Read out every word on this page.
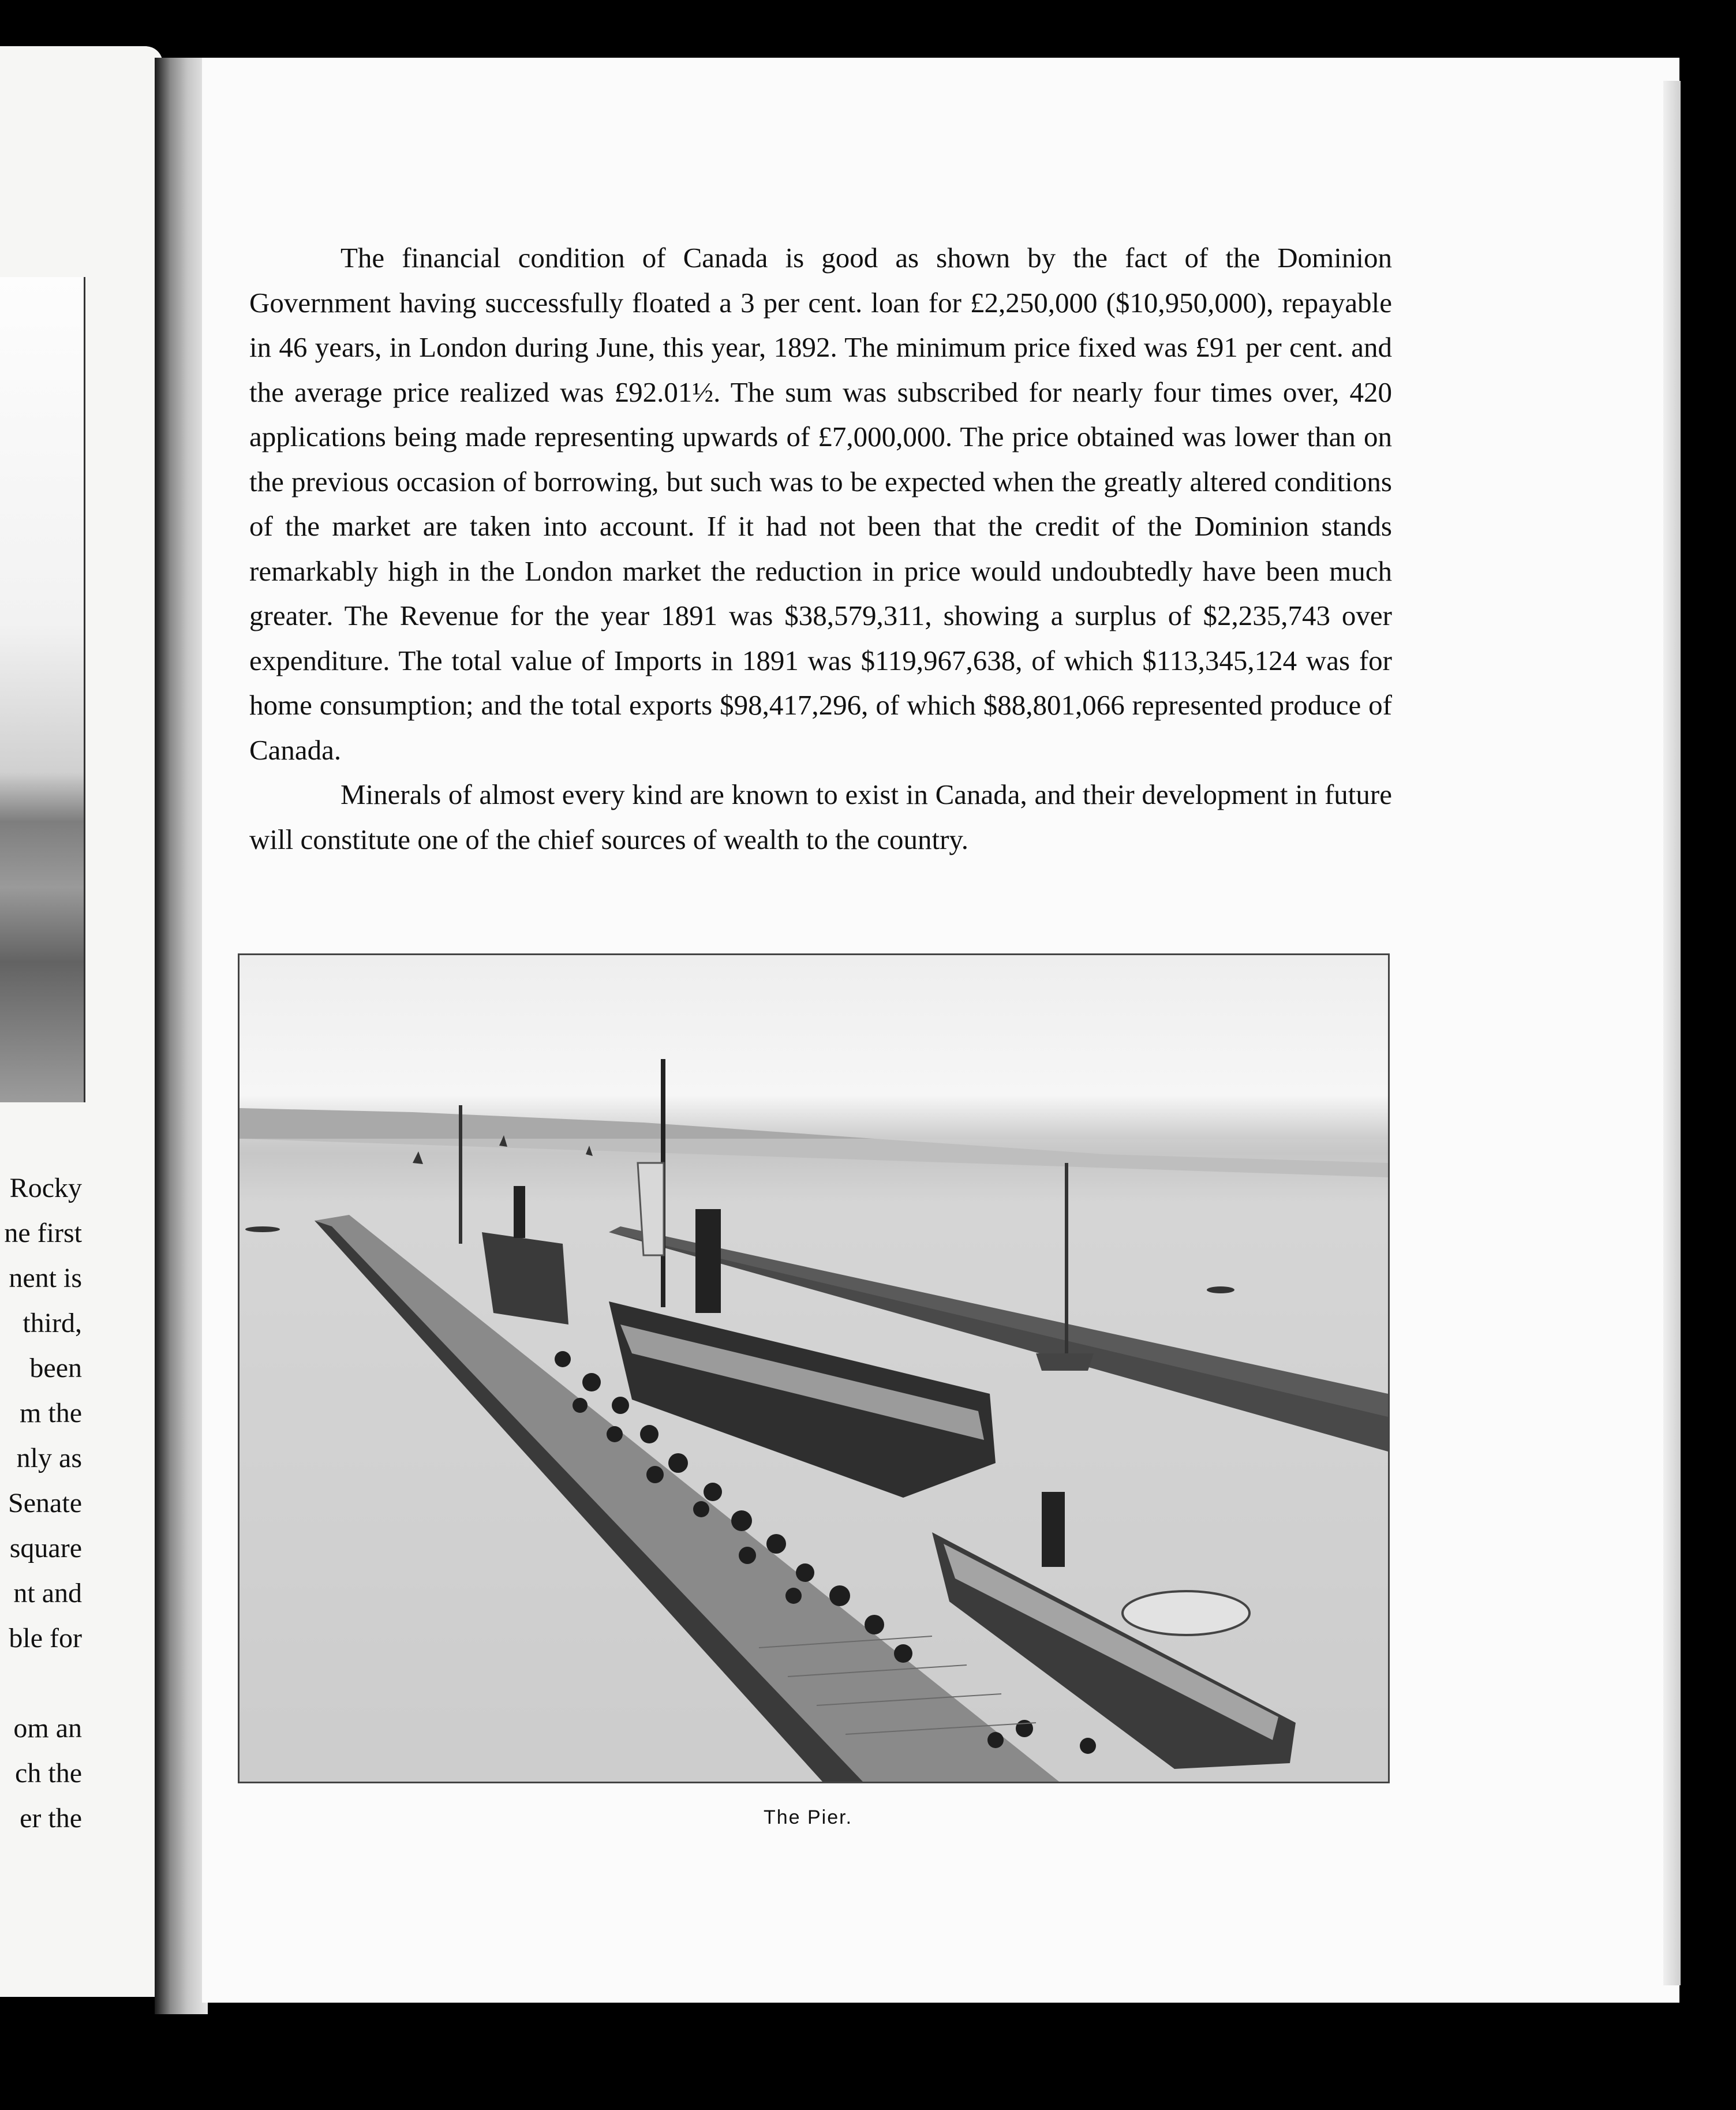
Rocky
ne first
nent is
third,
been
m the
nly as
Senate
square
nt and
ble for
om an
ch the
er the

The financial condition of Canada is good as shown by the fact of the Dominion Government having successfully floated a 3 per cent. loan for £2,250,000 ($10,950,000), repayable in 46 years, in London during June, this year, 1892. The minimum price fixed was £91 per cent. and the average price realized was £92.01½. The sum was subscribed for nearly four times over, 420 applications being made representing upwards of £7,000,000. The price obtained was lower than on the previous occasion of borrowing, but such was to be expected when the greatly altered conditions of the market are taken into account. If it had not been that the credit of the Dominion stands remarkably high in the London market the reduction in price would undoubtedly have been much greater. The Revenue for the year 1891 was $38,579,311, showing a surplus of $2,235,743 over expenditure. The total value of Imports in 1891 was $119,967,638, of which $113,345,124 was for home consumption; and the total exports $98,417,296, of which $88,801,066 represented produce of Canada.

Minerals of almost every kind are known to exist in Canada, and their development in future will constitute one of the chief sources of wealth to the country.

The Pier.
